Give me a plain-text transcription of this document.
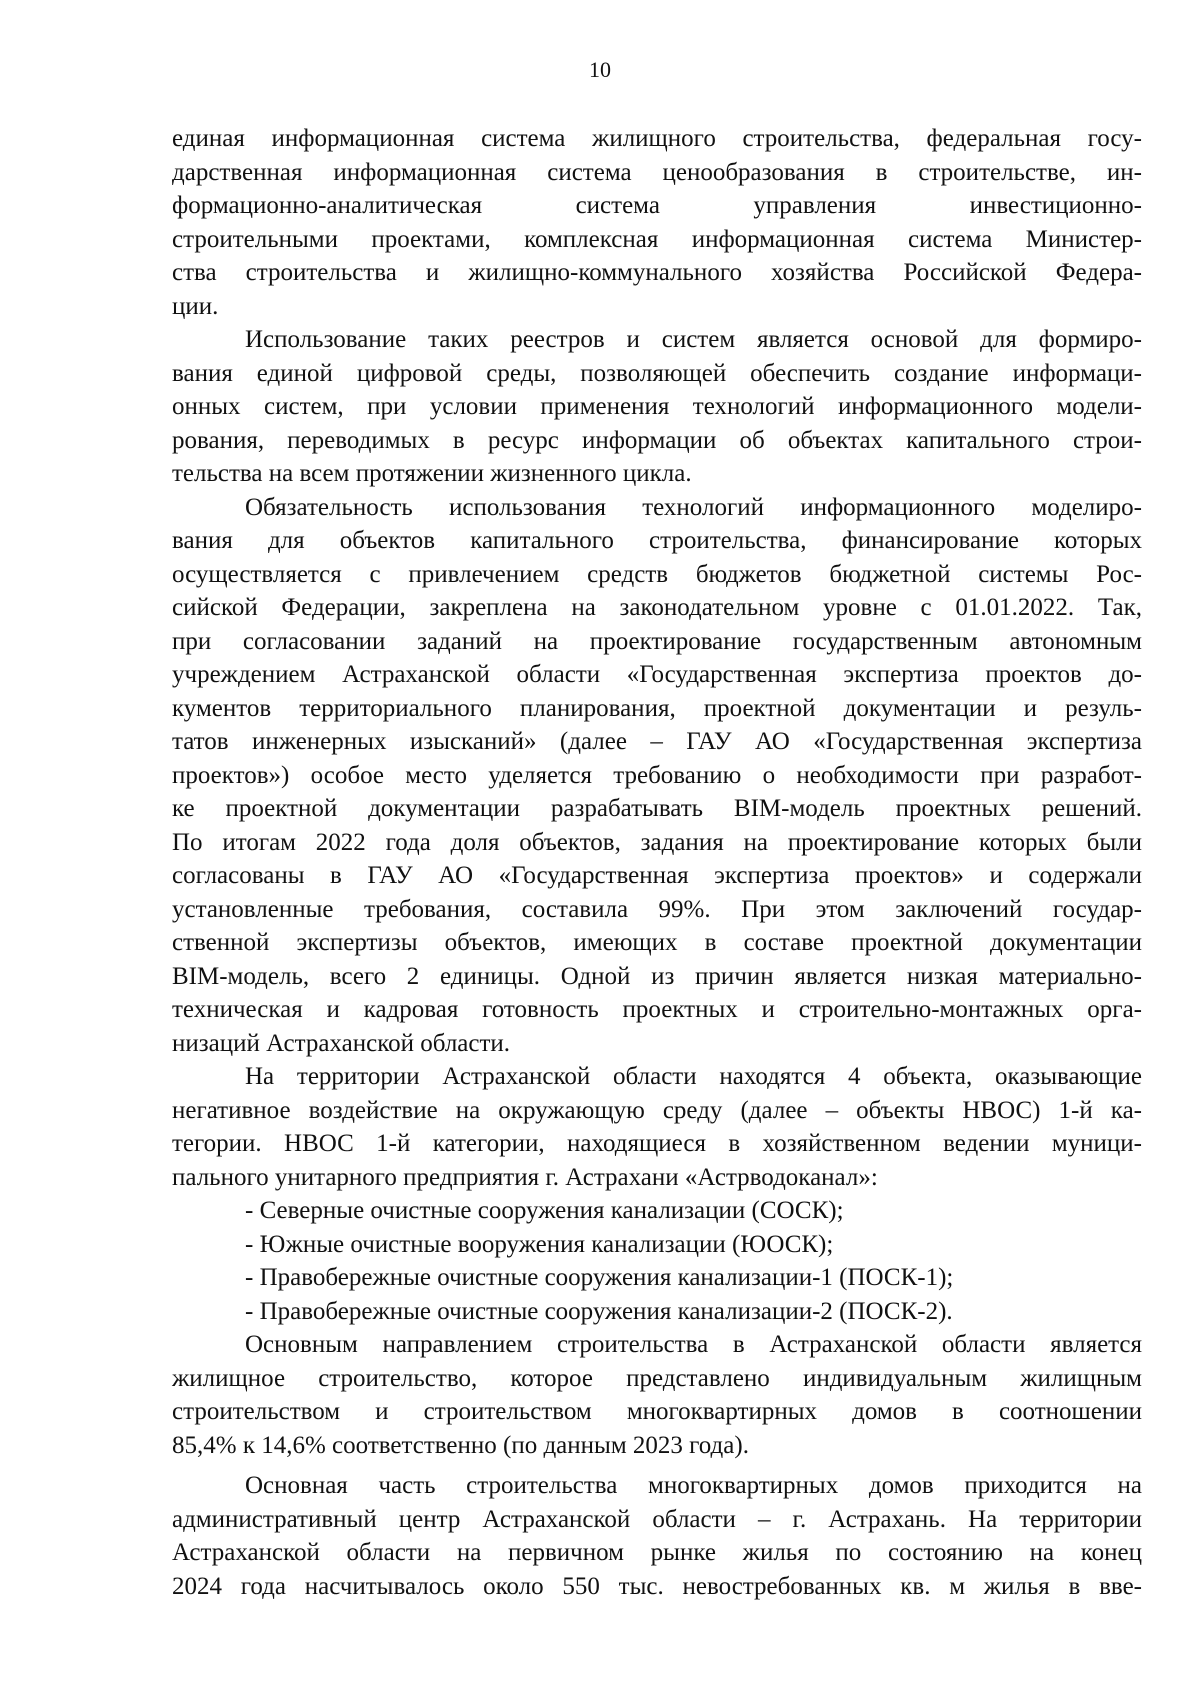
10
единая информационная система жилищного строительства, федеральная госу-
дарственная информационная система ценообразования в строительстве, ин-
формационно-аналитическая система управления инвестиционно-
строительными проектами, комплексная информационная система Министер-
ства строительства и жилищно-коммунального хозяйства Российской Федера-
ции.
Использование таких реестров и систем является основой для формиро-
вания единой цифровой среды, позволяющей обеспечить создание информаци-
онных систем, при условии применения технологий информационного модели-
рования, переводимых в ресурс информации об объектах капитального строи-
тельства на всем протяжении жизненного цикла.
Обязательность использования технологий информационного моделиро-
вания для объектов капитального строительства, финансирование которых
осуществляется с привлечением средств бюджетов бюджетной системы Рос-
сийской Федерации, закреплена на законодательном уровне с 01.01.2022. Так,
при согласовании заданий на проектирование государственным автономным
учреждением Астраханской области «Государственная экспертиза проектов до-
кументов территориального планирования, проектной документации и резуль-
татов инженерных изысканий» (далее – ГАУ АО «Государственная экспертиза
проектов») особое место уделяется требованию о необходимости при разработ-
ке проектной документации разрабатывать BIM-модель проектных решений.
По итогам 2022 года доля объектов, задания на проектирование которых были
согласованы в ГАУ АО «Государственная экспертиза проектов» и содержали
установленные требования, составила 99%. При этом заключений государ-
ственной экспертизы объектов, имеющих в составе проектной документации
BIM-модель, всего 2 единицы. Одной из причин является низкая материально-
техническая и кадровая готовность проектных и строительно-монтажных орга-
низаций Астраханской области.
На территории Астраханской области находятся 4 объекта, оказывающие
негативное воздействие на окружающую среду (далее – объекты НВОС) 1-й ка-
тегории. НВОС 1-й категории, находящиеся в хозяйственном ведении муници-
пального унитарного предприятия г. Астрахани «Астрводоканал»:
- Северные очистные сооружения канализации (СОСК);
- Южные очистные вооружения канализации (ЮОСК);
- Правобережные очистные сооружения канализации-1 (ПОСК-1);
- Правобережные очистные сооружения канализации-2 (ПОСК-2).
Основным направлением строительства в Астраханской области является
жилищное строительство, которое представлено индивидуальным жилищным
строительством и строительством многоквартирных домов в соотношении
85,4% к 14,6% соответственно (по данным 2023 года).
Основная часть строительства многоквартирных домов приходится на
административный центр Астраханской области – г. Астрахань. На территории
Астраханской области на первичном рынке жилья по состоянию на конец
2024 года насчитывалось около 550 тыс. невостребованных кв. м жилья в вве-
